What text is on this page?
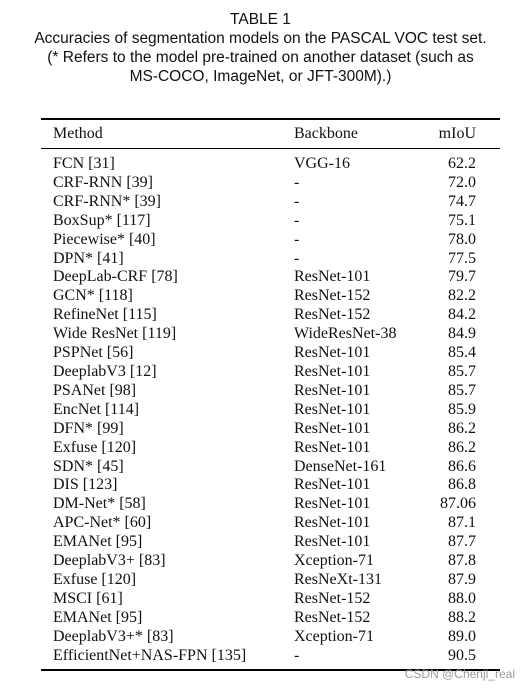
TABLE 1
Accuracies of segmentation models on the PASCAL VOC test set.
(* Refers to the model pre-trained on another dataset (such as
MS-COCO, ImageNet, or JFT-300M).)
Method	Backbone	mIoU

FCN [31]	VGG-16	62.2
CRF-RNN [39]	-	72.0
CRF-RNN* [39]	-	74.7
BoxSup* [117]	-	75.1
Piecewise* [40]	-	78.0
DPN* [41]	-	77.5
DeepLab-CRF [78]	ResNet-101	79.7
GCN* [118]	ResNet-152	82.2
RefineNet [115]	ResNet-152	84.2
Wide ResNet [119]	WideResNet-38	84.9
PSPNet [56]	ResNet-101	85.4
DeeplabV3 [12]	ResNet-101	85.7
PSANet [98]	ResNet-101	85.7
EncNet [114]	ResNet-101	85.9
DFN* [99]	ResNet-101	86.2
Exfuse [120]	ResNet-101	86.2
SDN* [45]	DenseNet-161	86.6
DIS [123]	ResNet-101	86.8
DM-Net* [58]	ResNet-101	87.06
APC-Net* [60]	ResNet-101	87.1
EMANet [95]	ResNet-101	87.7
DeeplabV3+ [83]	Xception-71	87.8
Exfuse [120]	ResNeXt-131	87.9
MSCI [61]	ResNet-152	88.0
EMANet [95]	ResNet-152	88.2
DeeplabV3+* [83]	Xception-71	89.0
EfficientNet+NAS-FPN [135]	-	90.5

CSDN @Chenjl_real
